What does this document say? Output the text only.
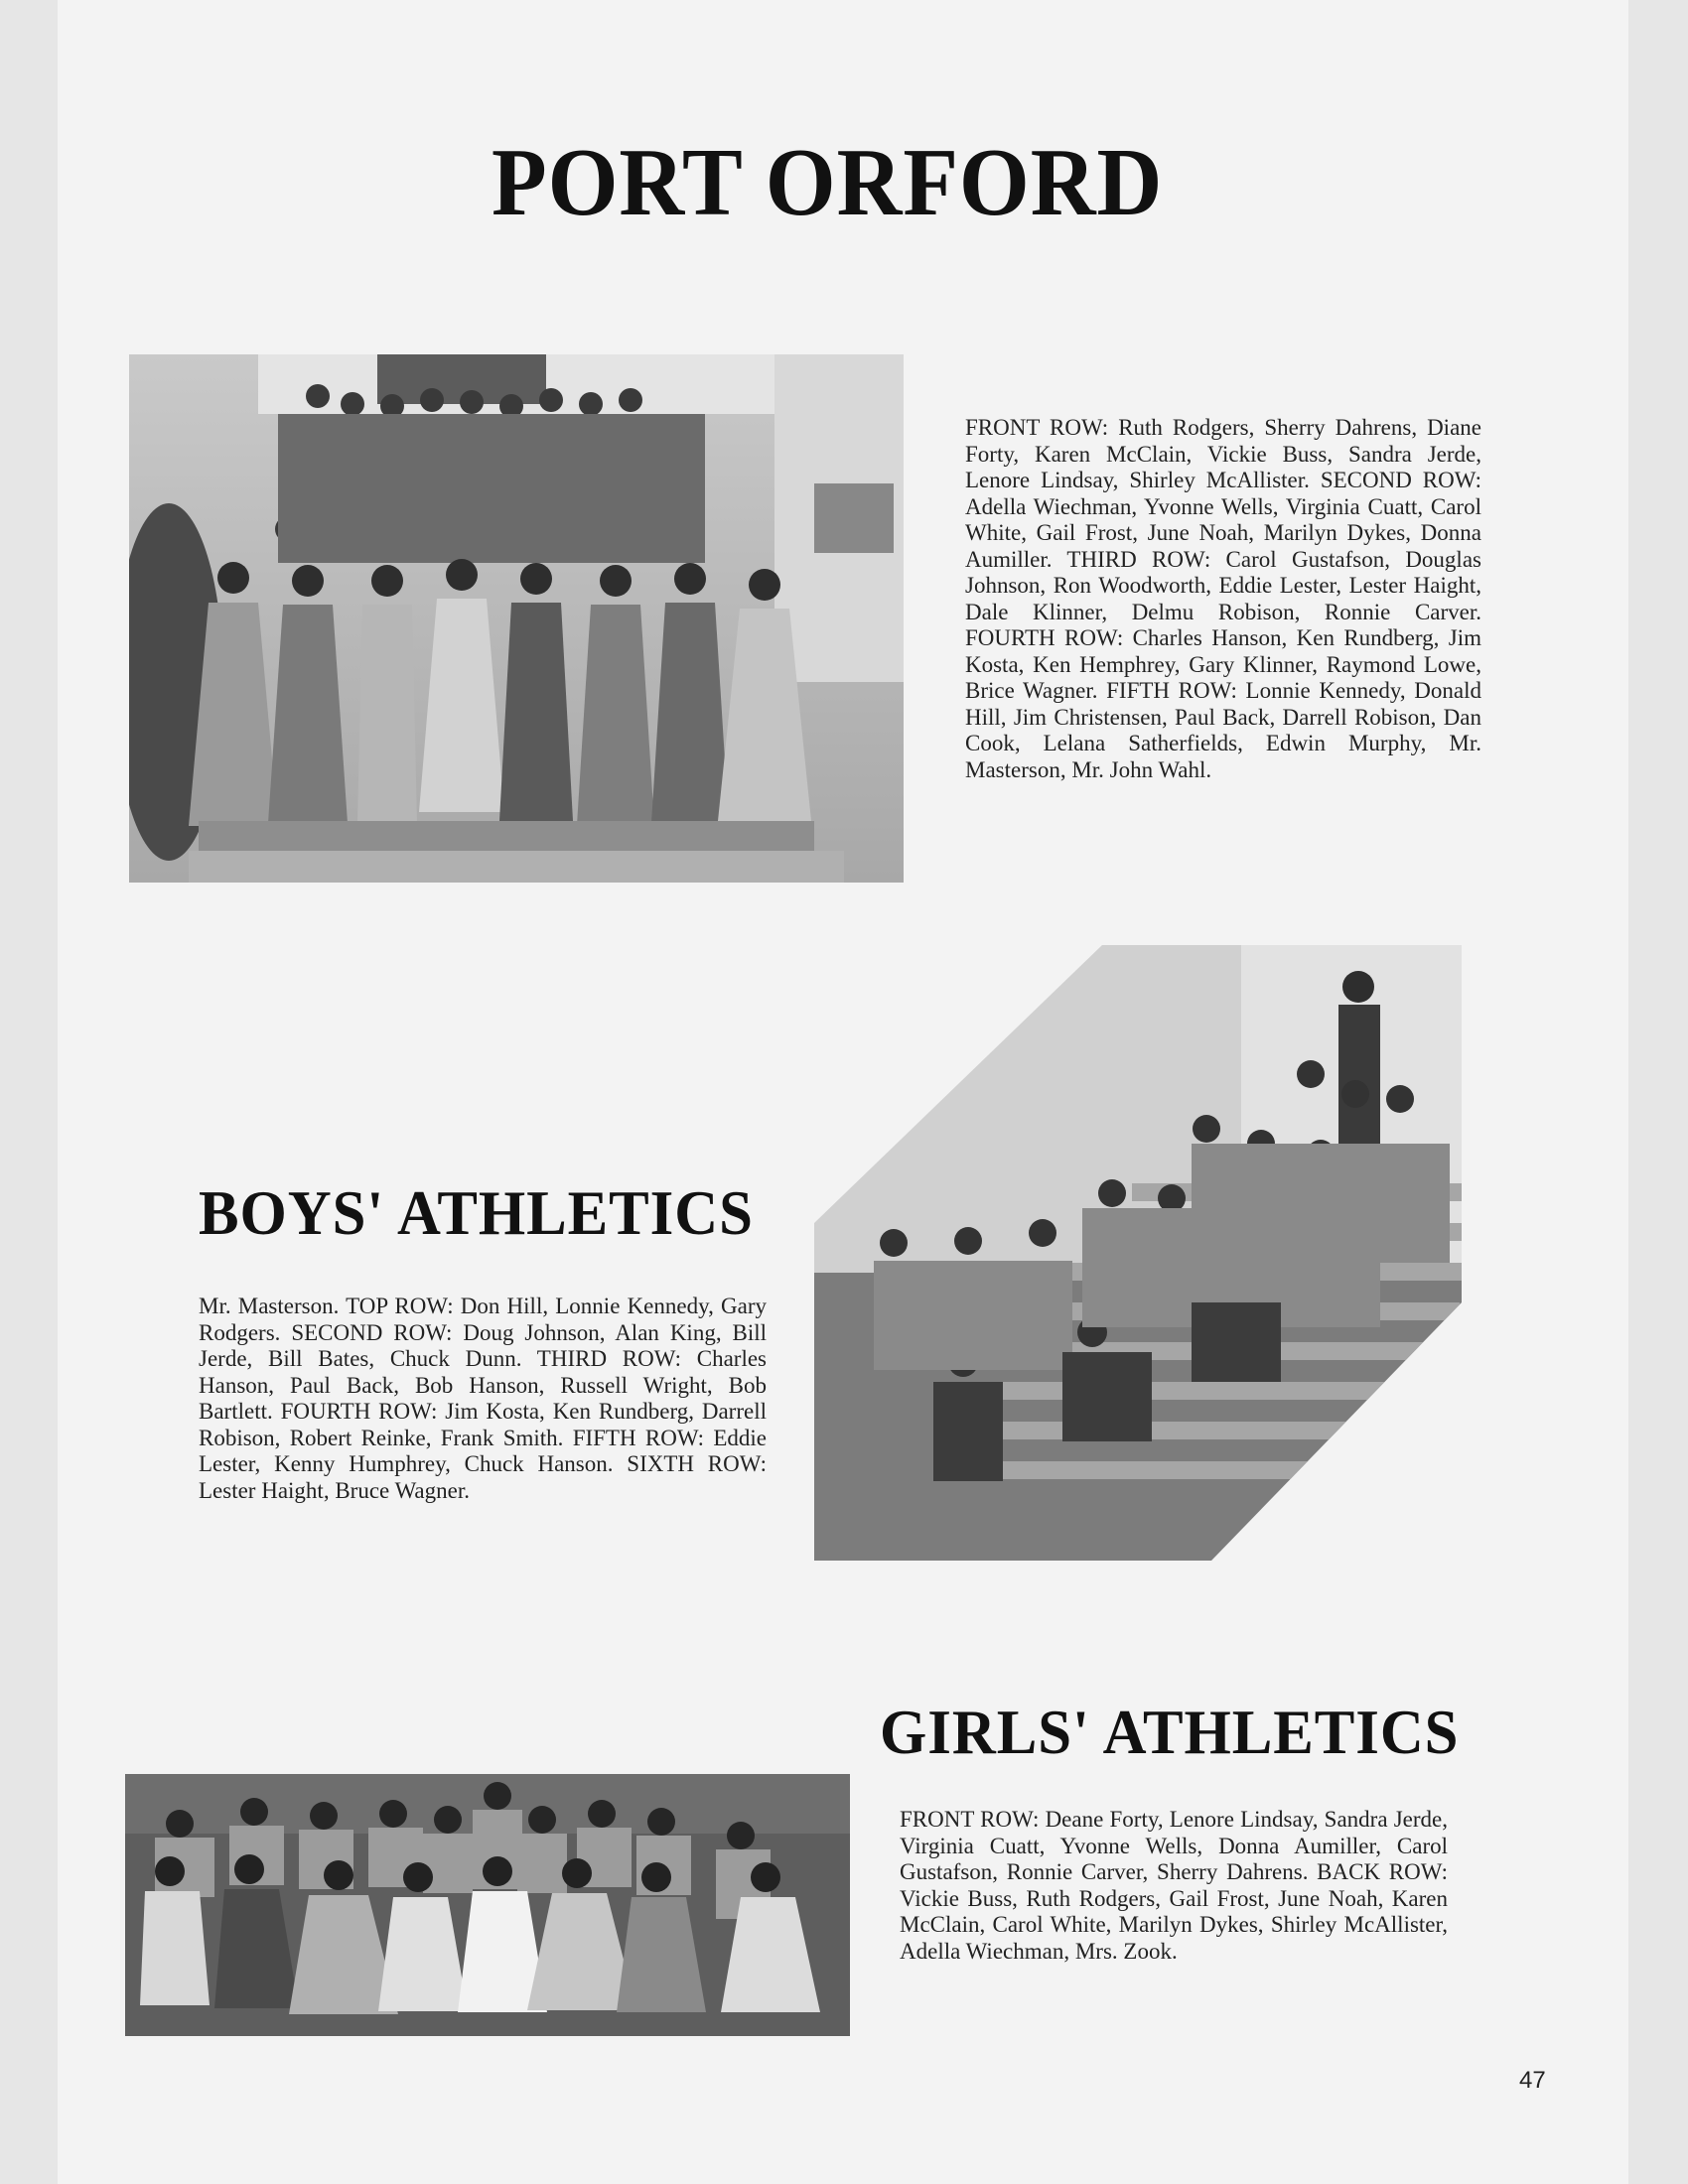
PORT ORFORD

FRONT ROW: Ruth Rodgers, Sherry Dahrens, Diane Forty, Karen McClain, Vickie Buss, Sandra Jerde, Lenore Lindsay, Shirley McAllister. SECOND ROW: Adella Wiechman, Yvonne Wells, Virginia Cuatt, Carol White, Gail Frost, June Noah, Marilyn Dykes, Donna Aumiller. THIRD ROW: Carol Gustafson, Douglas Johnson, Ron Woodworth, Eddie Lester, Lester Haight, Dale Klinner, Delmu Robison, Ronnie Carver. FOURTH ROW: Charles Hanson, Ken Rundberg, Jim Kosta, Ken Hemphrey, Gary Klinner, Raymond Lowe, Brice Wagner. FIFTH ROW: Lonnie Kennedy, Donald Hill, Jim Christensen, Paul Back, Darrell Robison, Dan Cook, Lelana Satherfields, Edwin Murphy, Mr. Masterson, Mr. John Wahl.

BOYS' ATHLETICS

Mr. Masterson. TOP ROW: Don Hill, Lonnie Kennedy, Gary Rodgers. SECOND ROW: Doug Johnson, Alan King, Bill Jerde, Bill Bates, Chuck Dunn. THIRD ROW: Charles Hanson, Paul Back, Bob Hanson, Russell Wright, Bob Bartlett. FOURTH ROW: Jim Kosta, Ken Rundberg, Darrell Robison, Robert Reinke, Frank Smith. FIFTH ROW: Eddie Lester, Kenny Humphrey, Chuck Hanson. SIXTH ROW: Lester Haight, Bruce Wagner.

GIRLS' ATHLETICS

FRONT ROW: Deane Forty, Lenore Lindsay, Sandra Jerde, Virginia Cuatt, Yvonne Wells, Donna Aumiller, Carol Gustafson, Ronnie Carver, Sherry Dahrens. BACK ROW: Vickie Buss, Ruth Rodgers, Gail Frost, June Noah, Karen McClain, Carol White, Marilyn Dykes, Shirley McAllister, Adella Wiechman, Mrs. Zook.

47
